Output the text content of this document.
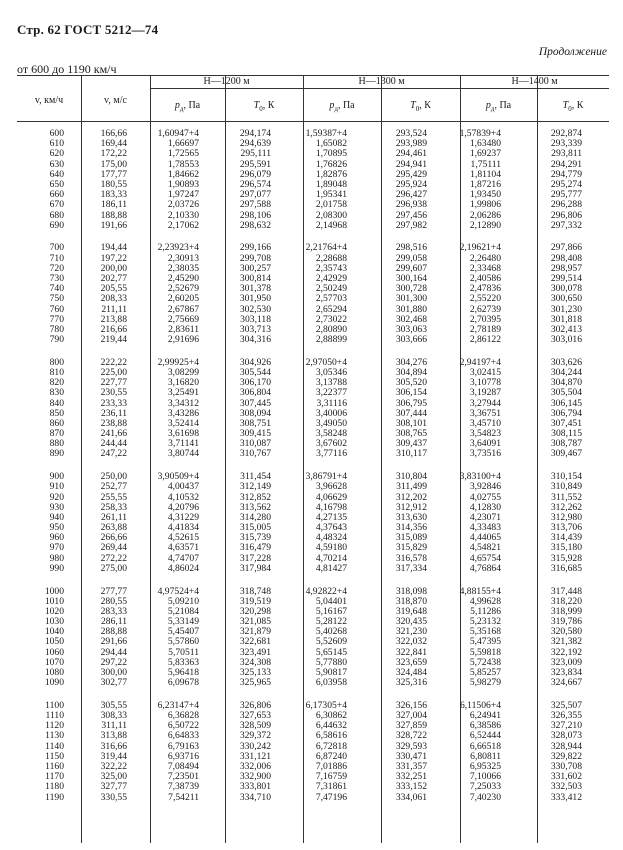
Стр. 62 ГОСТ 5212—74
Продолжение
от 600 до 1190 км/ч
v, км/ч	v, м/с
H—1200 м	H—1300 м	H—1400 м
$р_д$, Па	$T_0$, К	$р_д$, Па	$T_0$, К	$р_д$, Па	$T_0$, К
600	166,66	1,60947+4	294,174	1,59387+4	293,524	1,57839+4	292,874
610	169,44	1,66697	294,639	1,65082	293,989	1,63480	293,339
620	172,22	1,72565	295,111	1,70895	294,461	1,69237	293,811
630	175,00	1,78553	295,591	1,76826	294,941	1,75111	294,291
640	177,77	1,84662	296,079	1,82876	295,429	1,81104	294,779
650	180,55	1,90893	296,574	1,89048	295,924	1,87216	295,274
660	183,33	1,97247	297,077	1,95341	296,427	1,93450	295,777
670	186,11	2,03726	297,588	2,01758	296,938	1,99806	296,288
680	188,88	2,10330	298,106	2,08300	297,456	2,06286	296,806
690	191,66	2,17062	298,632	2,14968	297,982	2,12890	297,332
700	194,44	2,23923+4	299,166	2,21764+4	298,516	2,19621+4	297,866
710	197,22	2,30913	299,708	2,28688	299,058	2,26480	298,408
720	200,00	2,38035	300,257	2,35743	299,607	2,33468	298,957
730	202,77	2,45290	300,814	2,42929	300,164	2,40586	299,514
740	205,55	2,52679	301,378	2,50249	300,728	2,47836	300,078
750	208,33	2,60205	301,950	2,57703	301,300	2,55220	300,650
760	211,11	2,67867	302,530	2,65294	301,880	2,62739	301,230
770	213,88	2,75669	303,118	2,73022	302,468	2,70395	301,818
780	216,66	2,83611	303,713	2,80890	303,063	2,78189	302,413
790	219,44	2,91696	304,316	2,88899	303,666	2,86122	303,016
800	222,22	2,99925+4	304,926	2,97050+4	304,276	2,94197+4	303,626
810	225,00	3,08299	305,544	3,05346	304,894	3,02415	304,244
820	227,77	3,16820	306,170	3,13788	305,520	3,10778	304,870
830	230,55	3,25491	306,804	3,22377	306,154	3,19287	305,504
840	233,33	3,34312	307,445	3,31116	306,795	3,27944	306,145
850	236,11	3,43286	308,094	3,40006	307,444	3,36751	306,794
860	238,88	3,52414	308,751	3,49050	308,101	3,45710	307,451
870	241,66	3,61698	309,415	3,58248	308,765	3,54823	308,115
880	244,44	3,71141	310,087	3,67602	309,437	3,64091	308,787
890	247,22	3,80744	310,767	3,77116	310,117	3,73516	309,467
900	250,00	3,90509+4	311,454	3,86791+4	310,804	3,83100+4	310,154
910	252,77	4,00437	312,149	3,96628	311,499	3,92846	310,849
920	255,55	4,10532	312,852	4,06629	312,202	4,02755	311,552
930	258,33	4,20796	313,562	4,16798	312,912	4,12830	312,262
940	261,11	4,31229	314,280	4,27135	313,630	4,23071	312,980
950	263,88	4,41834	315,005	4,37643	314,356	4,33483	313,706
960	266,66	4,52615	315,739	4,48324	315,089	4,44065	314,439
970	269,44	4,63571	316,479	4,59180	315,829	4,54821	315,180
980	272,22	4,74707	317,228	4,70214	316,578	4,65754	315,928
990	275,00	4,86024	317,984	4,81427	317,334	4,76864	316,685
1000	277,77	4,97524+4	318,748	4,92822+4	318,098	4,88155+4	317,448
1010	280,55	5,09210	319,519	5,04401	318,870	4,99628	318,220
1020	283,33	5,21084	320,298	5,16167	319,648	5,11286	318,999
1030	286,11	5,33149	321,085	5,28122	320,435	5,23132	319,786
1040	288,88	5,45407	321,879	5,40268	321,230	5,35168	320,580
1050	291,66	5,57860	322,681	5,52609	322,032	5,47395	321,382
1060	294,44	5,70511	323,491	5,65145	322,841	5,59818	322,192
1070	297,22	5,83363	324,308	5,77880	323,659	5,72438	323,009
1080	300,00	5,96418	325,133	5,90817	324,484	5,85257	323,834
1090	302,77	6,09678	325,965	6,03958	325,316	5,98279	324,667
1100	305,55	6,23147+4	326,806	6,17305+4	326,156	6,11506+4	325,507
1110	308,33	6,36828	327,653	6,30862	327,004	6,24941	326,355
1120	311,11	6,50722	328,509	6,44632	327,859	6,38586	327,210
1130	313,88	6,64833	329,372	6,58616	328,722	6,52444	328,073
1140	316,66	6,79163	330,242	6,72818	329,593	6,66518	328,944
1150	319,44	6,93716	331,121	6,87240	330,471	6,80811	329,822
1160	322,22	7,08494	332,006	7,01886	331,357	6,95325	330,708
1170	325,00	7,23501	332,900	7,16759	332,251	7,10066	331,602
1180	327,77	7,38739	333,801	7,31861	333,152	7,25033	332,503
1190	330,55	7,54211	334,710	7,47196	334,061	7,40230	333,412
